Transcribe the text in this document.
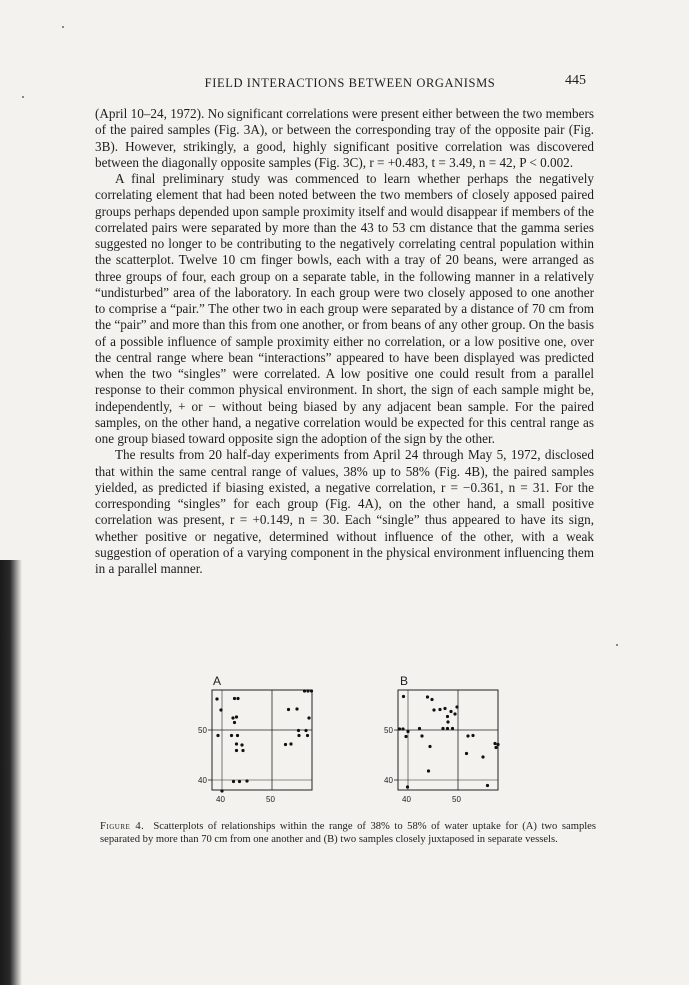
FIELD INTERACTIONS BETWEEN ORGANISMS	445

(April 10–24, 1972). No significant correlations were present either between the two members of the paired samples (Fig. 3A), or between the corresponding tray of the opposite pair (Fig. 3B). However, strikingly, a good, highly significant positive correlation was discovered between the diagonally opposite samples (Fig. 3C), r = +0.483, t = 3.49, n = 42, P < 0.002.

A final preliminary study was commenced to learn whether perhaps the negatively correlating element that had been noted between the two members of closely apposed paired groups perhaps depended upon sample proximity itself and would disappear if members of the correlated pairs were separated by more than the 43 to 53 cm distance that the gamma series suggested no longer to be contributing to the negatively correlating central population within the scatterplot. Twelve 10 cm finger bowls, each with a tray of 20 beans, were arranged as three groups of four, each group on a separate table, in the following manner in a relatively “undisturbed” area of the laboratory. In each group were two closely apposed to one another to comprise a “pair.” The other two in each group were separated by a distance of 70 cm from the “pair” and more than this from one another, or from beans of any other group. On the basis of a possible influence of sample proximity either no correlation, or a low positive one, over the central range where bean “interactions” appeared to have been displayed was predicted when the two “singles” were correlated. A low positive one could result from a parallel response to their common physical environment. In short, the sign of each sample might be, independently, + or − without being biased by any adjacent bean sample. For the paired samples, on the other hand, a negative correlation would be expected for this central range as one group biased toward opposite sign the adoption of the sign by the other.

The results from 20 half-day experiments from April 24 through May 5, 1972, disclosed that within the same central range of values, 38% up to 58% (Fig. 4B), the paired samples yielded, as predicted if biasing existed, a negative correlation, r = −0.361, n = 31. For the corresponding “singles” for each group (Fig. 4A), on the other hand, a small positive correlation was present, r = +0.149, n = 30. Each “single” thus appeared to have its sign, whether positive or negative, determined without influence of the other, with a weak suggestion of operation of a varying component in the physical environment influencing them in a parallel manner.

A
50
40
40	50
B
50
40
40	50
Figure 4. Scatterplots of relationships within the range of 38% to 58% of water uptake for (A) two samples separated by more than 70 cm from one another and (B) two samples closely juxtaposed in separate vessels.
